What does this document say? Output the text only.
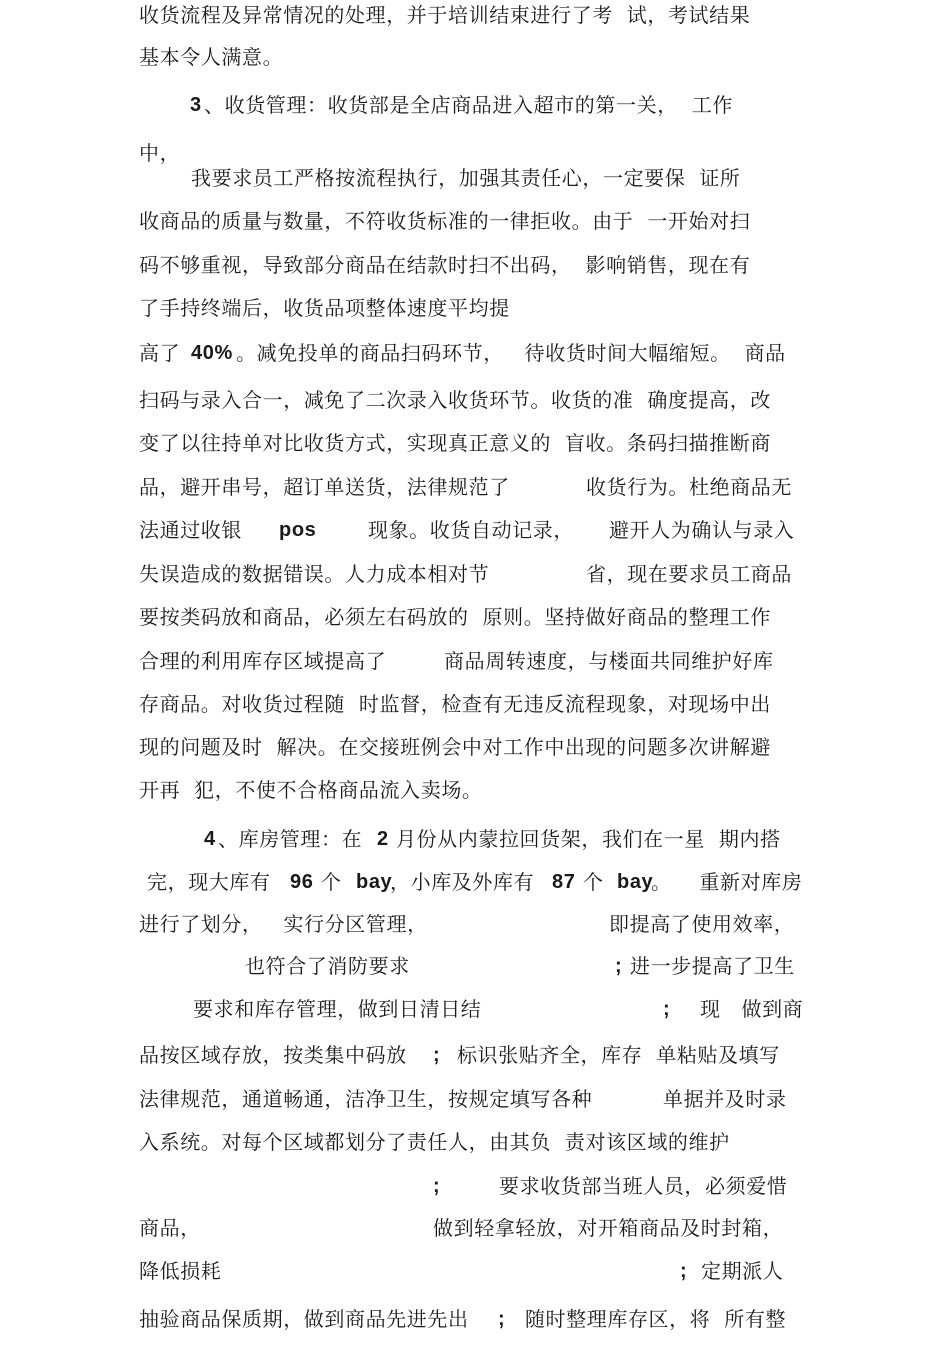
收货流程及异常情况的处理，并于培训结束进行了考  试，考试结果
基本令人满意。
3 、收货管理：收货部是全店商品进入超市的第一关，  工作
中，
我要求员工严格按流程执行，加强其责任心，一定要保  证所
收商品的质量与数量，不符收货标准的一律拒收。由于  一开始对扫
码不够重视，导致部分商品在结款时扫不出码，  影响销售，现在有
了手持终端后，收货品项整体速度平均提
高了 40% 。减免投单的商品扫码环节，   待收货时间大幅缩短。  商品
扫码与录入合一，减免了二次录入收货环节。收货的准  确度提高，改
变了以往持单对比收货方式，实现真正意义的  盲收。条码扫描推断商
品，避开串号，超订单送货，法律规范了	收货行为。杜绝商品无
法通过收银 pos	现象。收货自动记录， 避开人为确认与录入
失误造成的数据错误。人力成本相对节	省，现在要求员工商品
要按类码放和商品，必须左右码放的  原则。坚持做好商品的整理工作
合理的利用库存区域提高了	商品周转速度，与楼面共同维护好库
存商品。对收货过程随  时监督，检查有无违反流程现象，对现场中出
现的问题及时  解决。在交接班例会中对工作中出现的问题多次讲解避
开再  犯，不使不合格商品流入卖场。
4 、库房管理：在 2 月份从内蒙拉回货架，我们在一星  期内搭
完，现大库有 96 个 bay
，小库及外库有 87 个 bay
。    重新对库房
进行了划分，   实行分区管理，	即提高了使用效率，
也符合了消防要求	; 进一步提高了卫生
要求和库存管理，做到日清日结	; 现   做到商
品按区域存放，按类集中码放 ; 标识张贴齐全，库存  单粘贴及填写
法律规范，通道畅通，洁净卫生，按规定填写各种	单据并及时录
入系统。对每个区域都划分了责任人，由其负  责对该区域的维护
;	要求收货部当班人员，必须爱惜
商品，	做到轻拿轻放，对开箱商品及时封箱，
降低损耗	; 定期派人
抽验商品保质期，做到商品先进先出 ; 随时整理库存区，将  所有整
